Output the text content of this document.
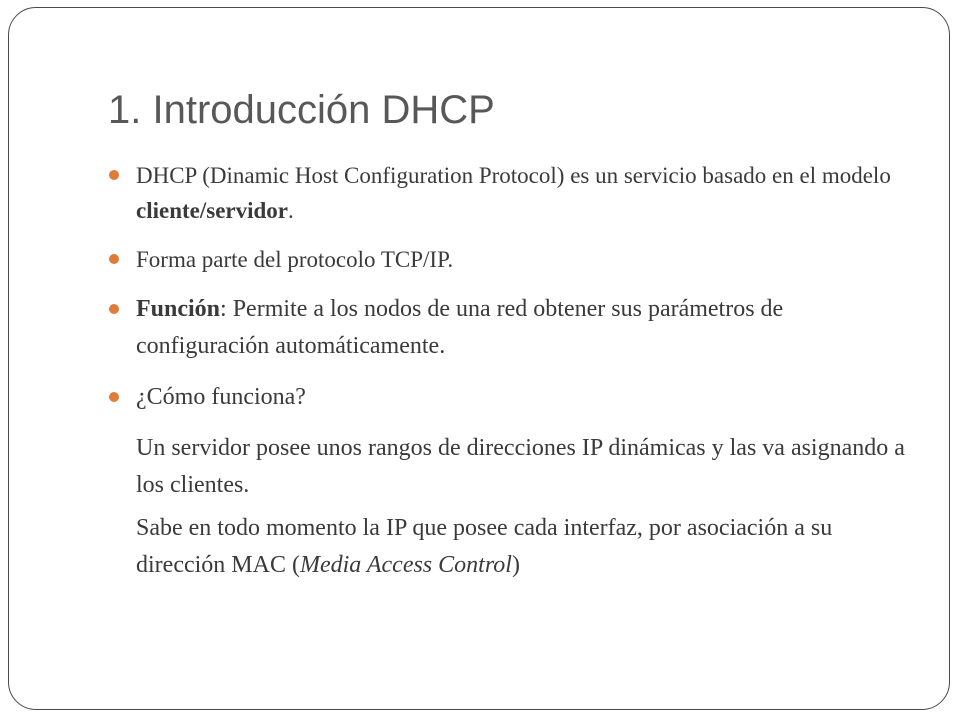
1. Introducción DHCP
DHCP (Dinamic Host Configuration Protocol) es un servicio basado en el modelo cliente/servidor.
Forma parte del protocolo TCP/IP.
Función: Permite a los nodos de una red obtener sus parámetros de configuración automáticamente.
¿Cómo funciona?
Un servidor posee unos rangos de direcciones IP dinámicas y las va asignando a los clientes.
Sabe en todo momento la IP que posee cada interfaz, por asociación a su dirección MAC (Media Access Control)
